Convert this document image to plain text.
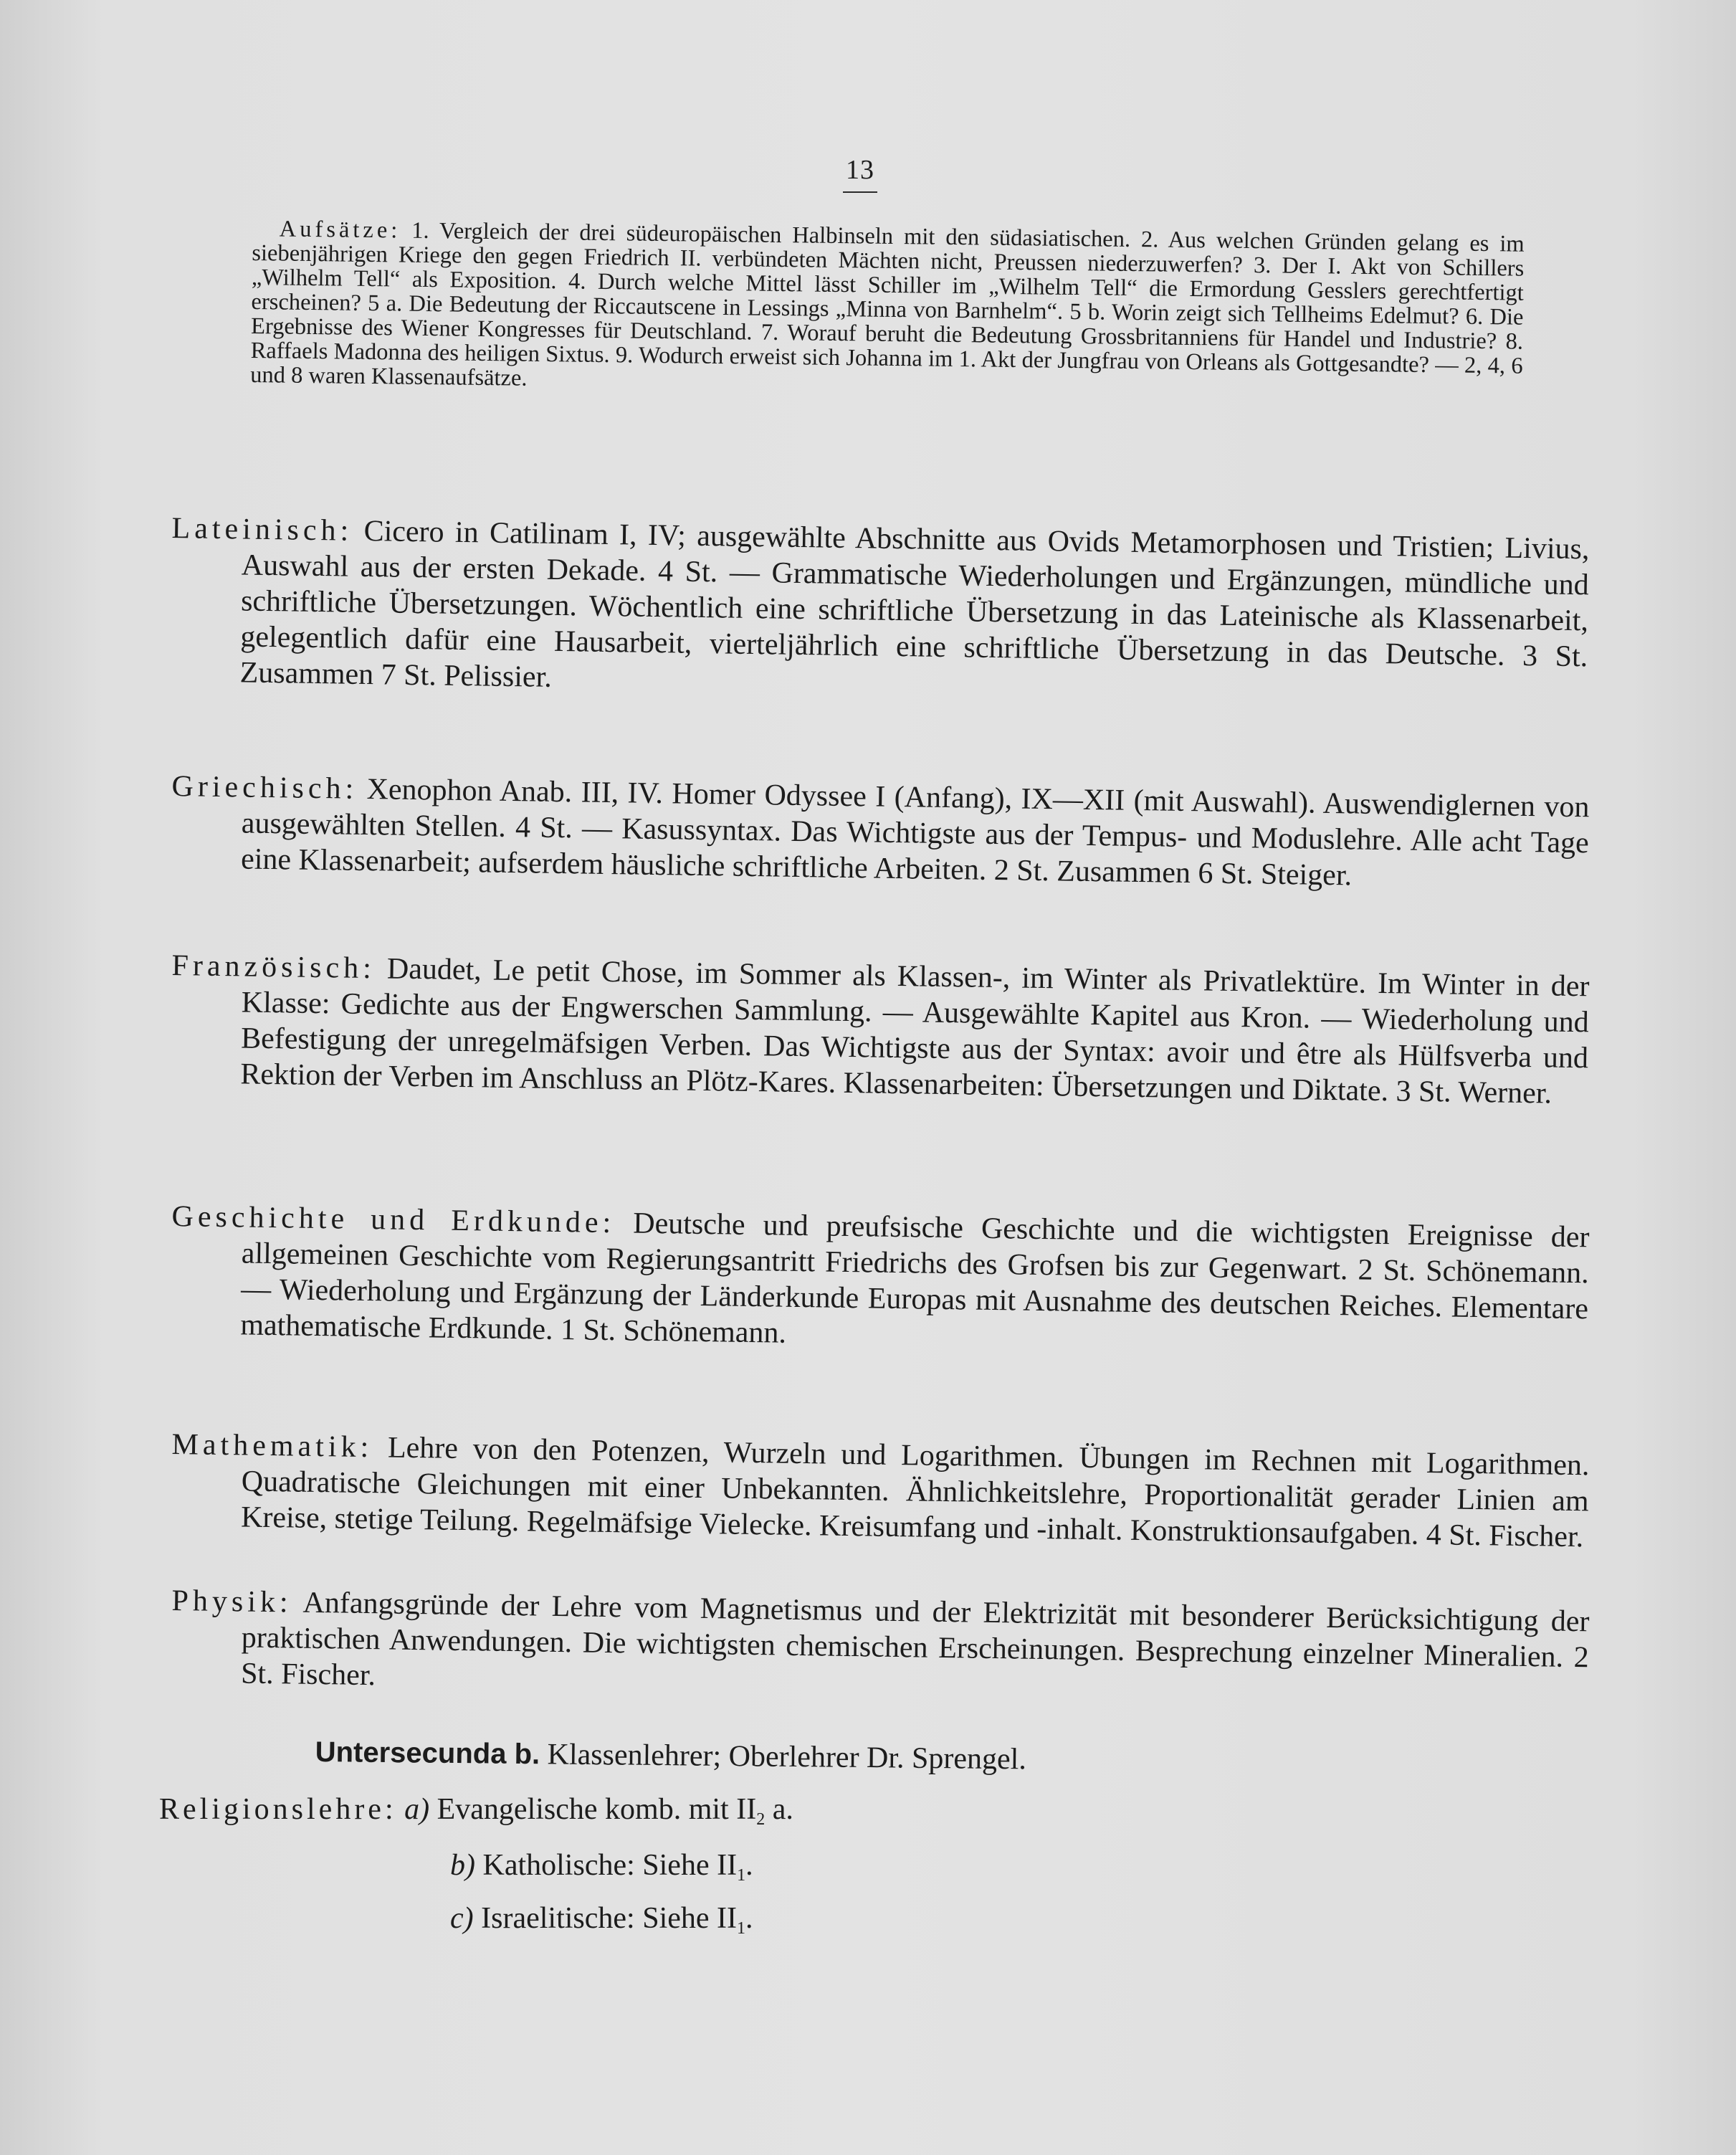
13
Aufsätze: 1. Vergleich der drei südeuropäischen Halbinseln mit den südasiatischen. 2. Aus welchen Gründen gelang es im siebenjährigen Kriege den gegen Friedrich II. verbündeten Mächten nicht, Preussen niederzuwerfen? 3. Der I. Akt von Schillers „Wilhelm Tell“ als Exposition. 4. Durch welche Mittel lässt Schiller im „Wilhelm Tell“ die Ermordung Gesslers gerechtfertigt erscheinen? 5 a. Die Bedeutung der Riccautscene in Lessings „Minna von Barnhelm“. 5 b. Worin zeigt sich Tellheims Edelmut? 6. Die Ergebnisse des Wiener Kongresses für Deutschland. 7. Worauf beruht die Bedeutung Grossbritanniens für Handel und Industrie? 8. Raffaels Madonna des heiligen Sixtus. 9. Wodurch erweist sich Johanna im 1. Akt der Jungfrau von Orleans als Gottgesandte? — 2, 4, 6 und 8 waren Klassenaufsätze.
Lateinisch: Cicero in Catilinam I, IV; ausgewählte Abschnitte aus Ovids Metamorphosen und Tristien; Livius, Auswahl aus der ersten Dekade. 4 St. — Grammatische Wiederholungen und Ergänzungen, mündliche und schriftliche Übersetzungen. Wöchentlich eine schriftliche Übersetzung in das Lateinische als Klassenarbeit, gelegentlich dafür eine Hausarbeit, vierteljährlich eine schriftliche Übersetzung in das Deutsche. 3 St. Zusammen 7 St. Pelissier.
Griechisch: Xenophon Anab. III, IV. Homer Odyssee I (Anfang), IX—XII (mit Auswahl). Auswendiglernen von ausgewählten Stellen. 4 St. — Kasussyntax. Das Wichtigste aus der Tempus- und Moduslehre. Alle acht Tage eine Klassenarbeit; aufserdem häusliche schriftliche Arbeiten. 2 St. Zusammen 6 St. Steiger.
Französisch: Daudet, Le petit Chose, im Sommer als Klassen-, im Winter als Privatlektüre. Im Winter in der Klasse: Gedichte aus der Engwerschen Sammlung. — Ausgewählte Kapitel aus Kron. — Wiederholung und Befestigung der unregelmäfsigen Verben. Das Wichtigste aus der Syntax: avoir und être als Hülfsverba und Rektion der Verben im Anschluss an Plötz-Kares. Klassenarbeiten: Übersetzungen und Diktate. 3 St. Werner.
Geschichte und Erdkunde: Deutsche und preufsische Geschichte und die wichtigsten Ereignisse der allgemeinen Geschichte vom Regierungsantritt Friedrichs des Grofsen bis zur Gegenwart. 2 St. Schönemann. — Wiederholung und Ergänzung der Länderkunde Europas mit Ausnahme des deutschen Reiches. Elementare mathematische Erdkunde. 1 St. Schönemann.
Mathematik: Lehre von den Potenzen, Wurzeln und Logarithmen. Übungen im Rechnen mit Logarithmen. Quadratische Gleichungen mit einer Unbekannten. Ähnlichkeitslehre, Proportionalität gerader Linien am Kreise, stetige Teilung. Regelmäfsige Vielecke. Kreisumfang und -inhalt. Konstruktionsaufgaben. 4 St. Fischer.
Physik: Anfangsgründe der Lehre vom Magnetismus und der Elektrizität mit besonderer Berücksichtigung der praktischen Anwendungen. Die wichtigsten chemischen Erscheinungen. Besprechung einzelner Mineralien. 2 St. Fischer.
Untersecunda b. Klassenlehrer; Oberlehrer Dr. Sprengel.
Religionslehre: a) Evangelische komb. mit $II_2$ a.
b) Katholische: Siehe $II_1$.
c) Israelitische: Siehe $II_1$.
